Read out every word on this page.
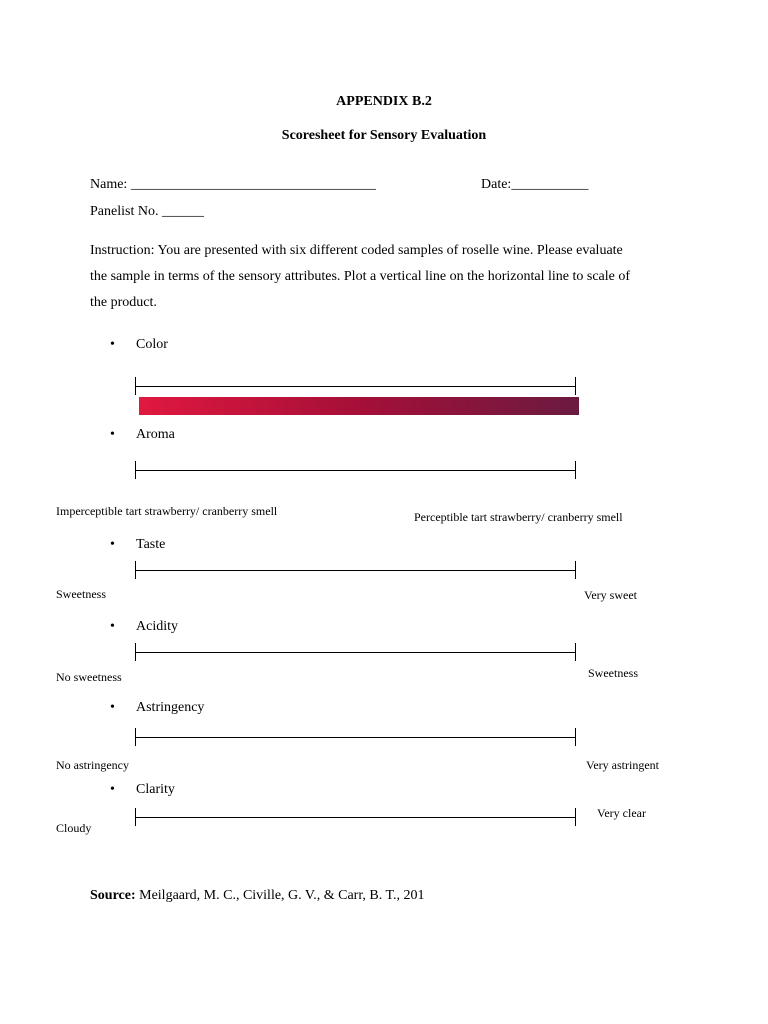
APPENDIX B.2
Scoresheet for Sensory Evaluation
Name: ___________________________________	Date:___________
Panelist No. ______

Instruction: You are presented with six different coded samples of roselle wine. Please evaluate

the sample in terms of the sensory attributes. Plot a vertical line on the horizontal line to scale of

the product.

• Color
• Aroma
Imperceptible tart strawberry/ cranberry smell	Perceptible tart strawberry/ cranberry smell
• Taste
Sweetness	Very sweet
• Acidity
No sweetness	Sweetness
• Astringency
No astringency	Very astringent
• Clarity
Cloudy
Very clear
Source: Meilgaard, M. C., Civille, G. V., & Carr, B. T., 201
